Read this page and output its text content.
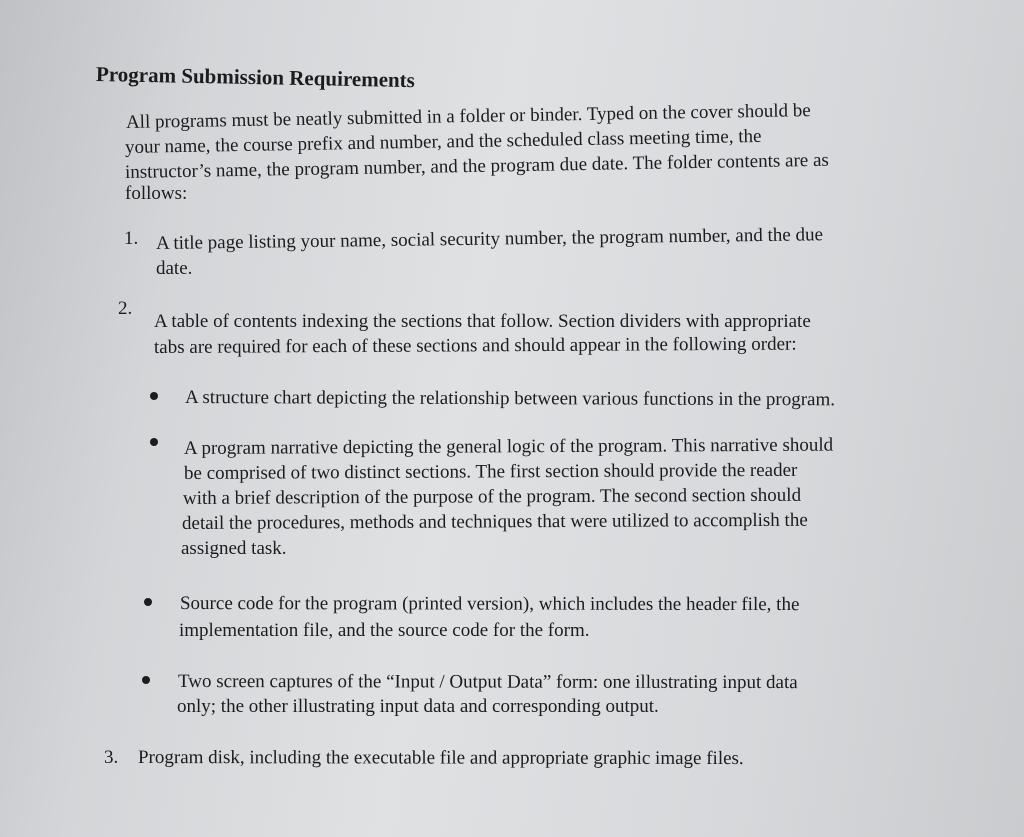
Program Submission Requirements
All programs must be neatly submitted in a folder or binder. Typed on the cover should be
your name, the course prefix and number, and the scheduled class meeting time, the
instructor’s name, the program number, and the program due date. The folder contents are as
follows:
1. A title page listing your name, social security number, the program number, and the due
date.
2.
A table of contents indexing the sections that follow. Section dividers with appropriate
tabs are required for each of these sections and should appear in the following order:
A structure chart depicting the relationship between various functions in the program.
A program narrative depicting the general logic of the program. This narrative should
be comprised of two distinct sections. The first section should provide the reader
with a brief description of the purpose of the program. The second section should
detail the procedures, methods and techniques that were utilized to accomplish the
assigned task.
Source code for the program (printed version), which includes the header file, the
implementation file, and the source code for the form.
Two screen captures of the “Input / Output Data” form: one illustrating input data
only; the other illustrating input data and corresponding output.
3. Program disk, including the executable file and appropriate graphic image files.
